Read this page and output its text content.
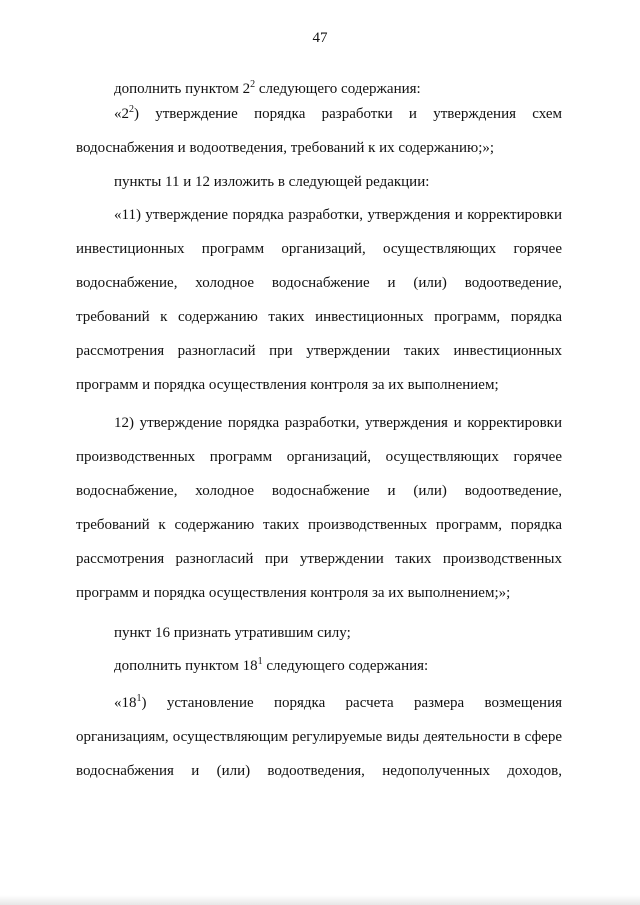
47

дополнить пунктом $2^2$ следующего содержания:

«$2^2$) утверждение порядка разработки и утверждения схем

водоснабжения и водоотведения, требований к их содержанию;»;

пункты 11 и 12 изложить в следующей редакции:

«11) утверждение порядка разработки, утверждения и корректировки инвестиционных программ организаций, осуществляющих горячее водоснабжение, холодное водоснабжение и (или) водоотведение, требований к содержанию таких инвестиционных программ, порядка рассмотрения разногласий при утверждении таких инвестиционных программ и порядка осуществления контроля за их выполнением;

12) утверждение порядка разработки, утверждения и корректировки производственных программ организаций, осуществляющих горячее водоснабжение, холодное водоснабжение и (или) водоотведение, требований к содержанию таких производственных программ, порядка рассмотрения разногласий при утверждении таких производственных программ и порядка осуществления контроля за их выполнением;»;

пункт 16 признать утратившим силу;

дополнить пунктом $18^1$ следующего содержания:

«$18^1$) установление порядка расчета размера возмещения организациям, осуществляющим регулируемые виды деятельности в сфере водоснабжения и (или) водоотведения, недополученных доходов,
